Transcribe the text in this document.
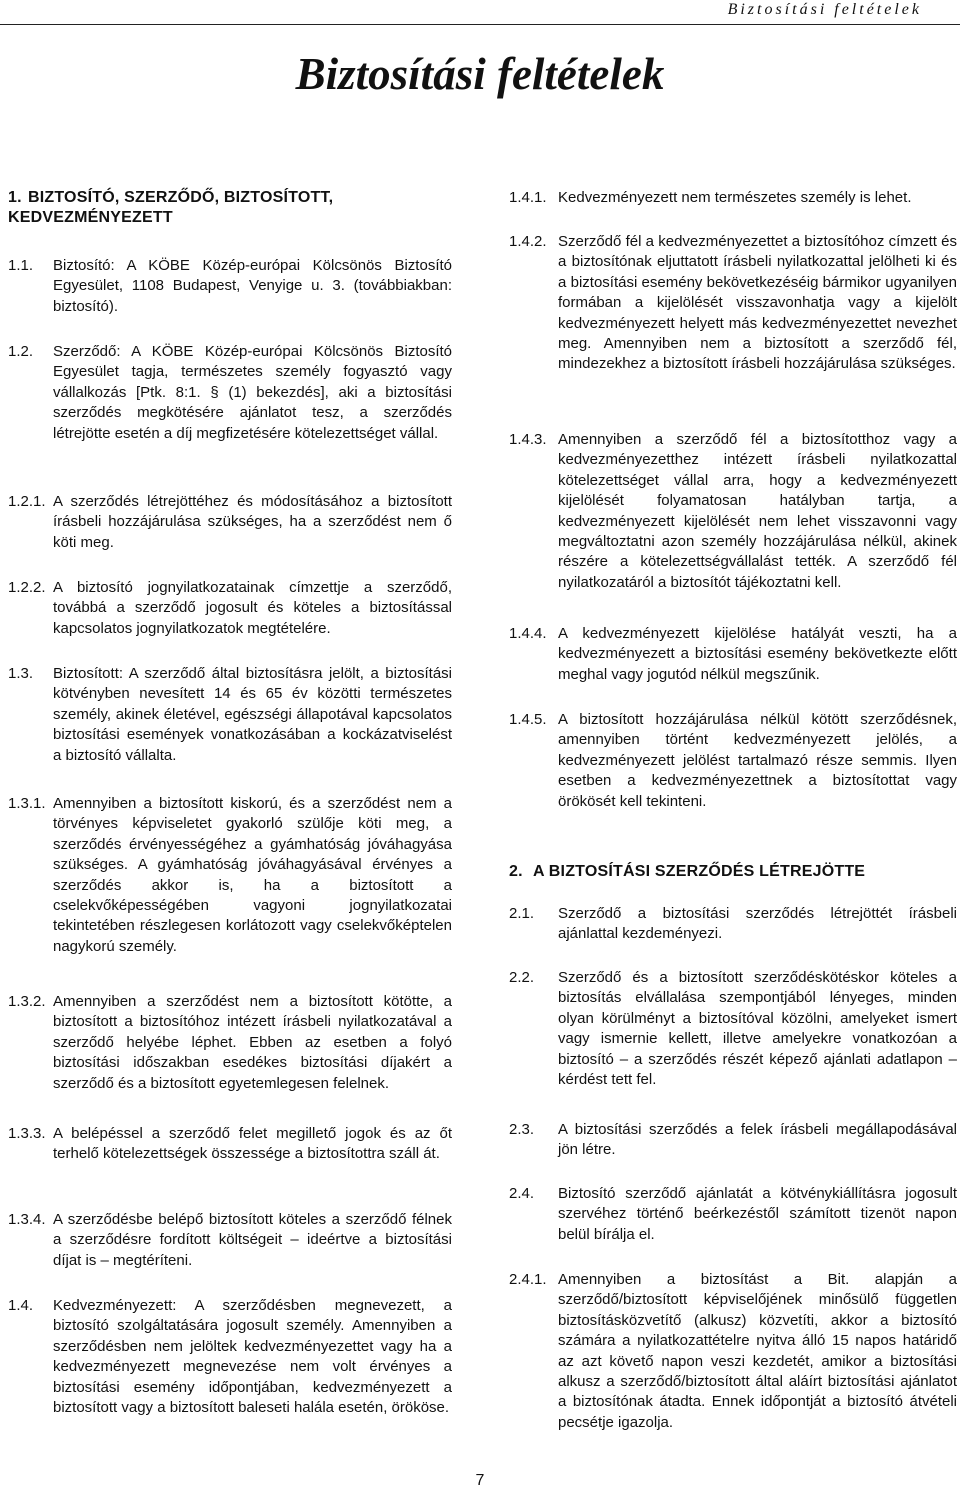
Biztosítási feltételek
Biztosítási feltételek
1. BIZTOSÍTÓ, SZERZŐDŐ, BIZTOSÍTOTT, KEDVEZMÉNYEZETT
1.1.	Biztosító: A KÖBE Közép-európai Kölcsönös Biztosító Egyesület, 1108 Budapest, Venyige u. 3. (továbbiakban: biztosító).
1.2.	Szerződő: A KÖBE Közép-európai Kölcsönös Biztosító Egyesület tagja, természetes személy fogyasztó vagy vállalkozás [Ptk. 8:1. § (1) bekezdés], aki a biztosítási szerződés megkötésére ajánlatot tesz, a szerződés létrejötte esetén a díj megfizetésére kötelezettséget vállal.
1.2.1. A szerződés létrejöttéhez és módosításához a biztosított írásbeli hozzájárulása szükséges, ha a szerződést nem ő köti meg.
1.2.2. A biztosító jognyilatkozatainak címzettje a szerződő, továbbá a szerződő jogosult és köteles a biztosítással kapcsolatos jognyilatkozatok megtételére.
1.3.	Biztosított: A szerződő által biztosításra jelölt, a biztosítási kötvényben nevesített 14 és 65 év közötti természetes személy, akinek életével, egészségi állapotával kapcsolatos biztosítási események vonatkozásában a kockázatviselést a biztosító vállalta.
1.3.1. Amennyiben a biztosított kiskorú, és a szerződést nem a törvényes képviseletet gyakorló szülője köti meg, a szerződés érvényességéhez a gyámhatóság jóváhagyása szükséges. A gyámhatóság jóváhagyásával érvényes a szerződés akkor is, ha a biztosított a cselekvőképességében vagyoni jognyilatkozatai tekintetében részlegesen korlátozott vagy cselekvőképtelen nagykorú személy.
1.3.2. Amennyiben a szerződést nem a biztosított kötötte, a biztosított a biztosítóhoz intézett írásbeli nyilatkozatával a szerződő helyébe léphet. Ebben az esetben a folyó biztosítási időszakban esedékes biztosítási díjakért a szerződő és a biztosított egyetemlegesen felelnek.
1.3.3. A belépéssel a szerződő felet megillető jogok és az őt terhelő kötelezettségek összessége a biztosítottra száll át.
1.3.4. A szerződésbe belépő biztosított köteles a szerződő félnek a szerződésre fordított költségeit – ideértve a biztosítási díjat is – megtéríteni.
1.4.	Kedvezményezett: A szerződésben megnevezett, a biztosító szolgáltatására jogosult személy. Amennyiben a szerződésben nem jelöltek kedvezményezettet vagy ha a kedvezményezett megnevezése nem volt érvényes a biztosítási esemény időpontjában, kedvezményezett a biztosított vagy a biztosított baleseti halála esetén, örököse.
1.4.1. Kedvezményezett nem természetes személy is lehet.
1.4.2. Szerződő fél a kedvezményezettet a biztosítóhoz címzett és a biztosítónak eljuttatott írásbeli nyilatkozattal jelölheti ki és a biztosítási esemény bekövetkezéséig bármikor ugyanilyen formában a kijelölését visszavonhatja vagy a kijelölt kedvezményezett helyett más kedvezményezettet nevezhet meg. Amennyiben nem a biztosított a szerződő fél, mindezekhez a biztosított írásbeli hozzájárulása szükséges.
1.4.3. Amennyiben a szerződő fél a biztosítotthoz vagy a kedvezményezetthez intézett írásbeli nyilatkozattal kötelezettséget vállal arra, hogy a kedvezményezett kijelölését folyamatosan hatályban tartja, a kedvezményezett kijelölését nem lehet visszavonni vagy megváltoztatni azon személy hozzájárulása nélkül, akinek részére a kötelezettségvállalást tették. A szerződő fél nyilatkozatáról a biztosítót tájékoztatni kell.
1.4.4. A kedvezményezett kijelölése hatályát veszti, ha a kedvezményezett a biztosítási esemény bekövetkezte előtt meghal vagy jogutód nélkül megszűnik.
1.4.5. A biztosított hozzájárulása nélkül kötött szerződésnek, amennyiben történt kedvezményezett jelölés, a kedvezményezett jelölést tartalmazó része semmis. Ilyen esetben a kedvezményezettnek a biztosítottat vagy örökösét kell tekinteni.
2. A BIZTOSÍTÁSI SZERZŐDÉS LÉTREJÖTTE
2.1.	Szerződő a biztosítási szerződés létrejöttét írásbeli ajánlattal kezdeményezi.
2.2.	Szerződő és a biztosított szerződéskötéskor köteles a biztosítás elvállalása szempontjából lényeges, minden olyan körülményt a biztosítóval közölni, amelyeket ismert vagy ismernie kellett, illetve amelyekre vonatkozóan a biztosító – a szerződés részét képező ajánlati adatlapon – kérdést tett fel.
2.3.	A biztosítási szerződés a felek írásbeli megállapodásával jön létre.
2.4.	Biztosító szerződő ajánlatát a kötvénykiállításra jogosult szervéhez történő beérkezéstől számított tizenöt napon belül bírálja el.
2.4.1. Amennyiben a biztosítást a Bit. alapján a szerződő/biztosított képviselőjének minősülő független biztosításközvetítő (alkusz) közvetíti, akkor a biztosító számára a nyilatkozattételre nyitva álló 15 napos határidő az azt követő napon veszi kezdetét, amikor a biztosítási alkusz a szerződő/biztosított által aláírt biztosítási ajánlatot a biztosítónak átadta. Ennek időpontját a biztosító átvételi pecsétje igazolja.
7
